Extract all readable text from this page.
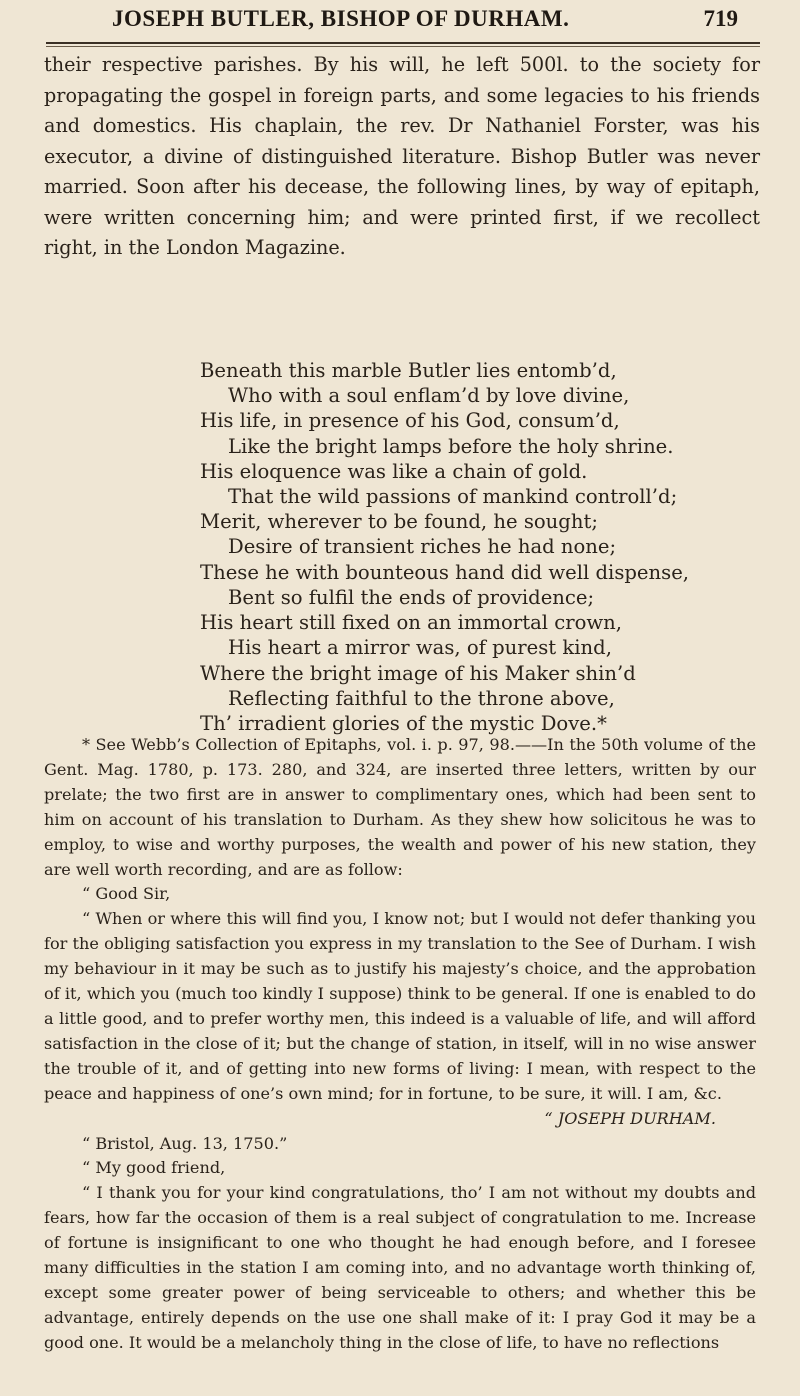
JOSEPH BUTLER, BISHOP OF DURHAM.	719
their respective parishes. By his will, he left 500l. to the society for propagating the gospel in foreign parts, and some legacies to his friends and domestics. His chaplain, the rev. Dr Nathaniel Forster, was his executor, a divine of distinguished literature. Bishop Butler was never married. Soon after his decease, the following lines, by way of epitaph, were written concerning him; and were printed first, if we recollect right, in the London Magazine.
Beneath this marble Butler lies entomb’d,
Who with a soul enflam’d by love divine,
His life, in presence of his God, consum’d,
Like the bright lamps before the holy shrine.
His eloquence was like a chain of gold.
That the wild passions of mankind controll’d;
Merit, wherever to be found, he sought;
Desire of transient riches he had none;
These he with bounteous hand did well dispense,
Bent so fulfil the ends of providence;
His heart still fixed on an immortal crown,
His heart a mirror was, of purest kind,
Where the bright image of his Maker shin’d
Reflecting faithful to the throne above,
Th’ irradient glories of the mystic Dove.*

* See Webb’s Collection of Epitaphs, vol. i. p. 97, 98.——In the 50th volume of the Gent. Mag. 1780, p. 173. 280, and 324, are inserted three letters, written by our prelate; the two first are in answer to complimentary ones, which had been sent to him on account of his translation to Durham. As they shew how solicitous he was to employ, to wise and worthy purposes, the wealth and power of his new station, they are well worth recording, and are as follow:

“ Good Sir,

“ When or where this will find you, I know not; but I would not defer thanking you for the obliging satisfaction you express in my translation to the See of Durham. I wish my behaviour in it may be such as to justify his majesty’s choice, and the approbation of it, which you (much too kindly I suppose) think to be general. If one is enabled to do a little good, and to prefer worthy men, this indeed is a valuable of life, and will afford satisfaction in the close of it; but the change of station, in itself, will in no wise answer the trouble of it, and of getting into new forms of living: I mean, with respect to the peace and happiness of one’s own mind; for in fortune, to be sure, it will. I am, &c.

“ JOSEPH DURHAM.

“ Bristol, Aug. 13, 1750.”

“ My good friend,

“ I thank you for your kind congratulations, tho’ I am not without my doubts and fears, how far the occasion of them is a real subject of congratulation to me. Increase of fortune is insignificant to one who thought he had enough before, and I foresee many difficulties in the station I am coming into, and no advantage worth thinking of, except some greater power of being serviceable to others; and whether this be advantage, entirely depends on the use one shall make of it: I pray God it may be a good one. It would be a melancholy thing in the close of life, to have no reflections
